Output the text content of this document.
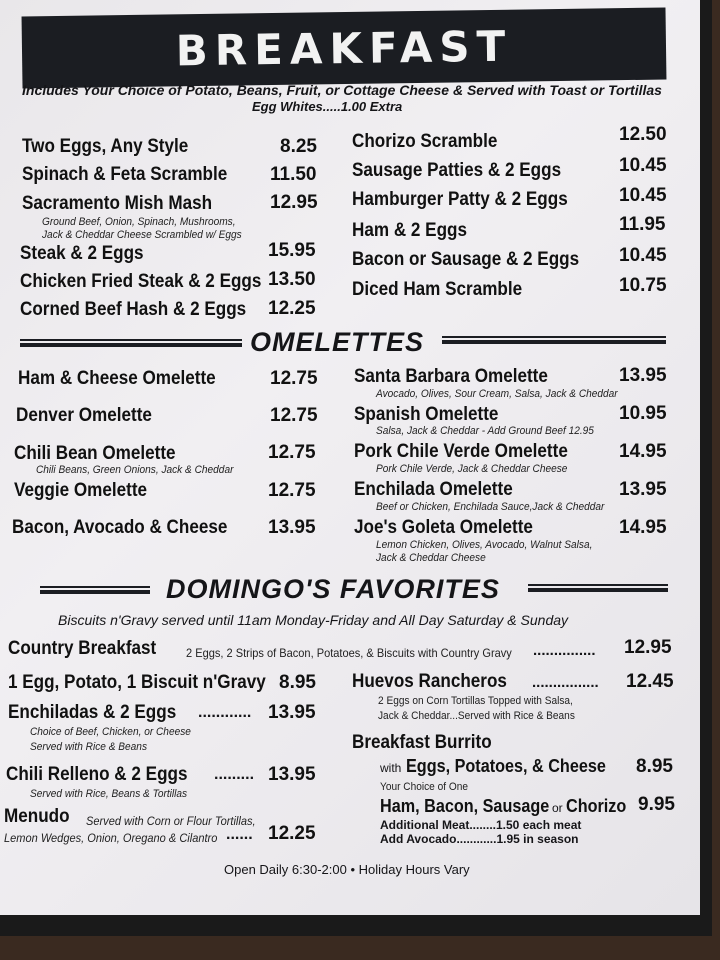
BREAKFAST
Includes Your Choice of Potato, Beans, Fruit, or Cottage Cheese & Served with Toast or Tortillas
Egg Whites.....1.00 Extra
Two Eggs, Any Style	8.25
Spinach & Feta Scramble 11.50
Sacramento Mish Mash	12.95
Ground Beef, Onion, Spinach, Mushrooms,
Jack & Cheddar Cheese Scrambled w/ Eggs
Steak & 2 Eggs	15.95
Chicken Fried Steak & 2 Eggs 13.50
Corned Beef Hash & 2 Eggs 12.25
Chorizo Scramble	12.50
Sausage Patties & 2 Eggs	10.45
Hamburger Patty & 2 Eggs	10.45
Ham & 2 Eggs	11.95
Bacon or Sausage & 2 Eggs 10.45
Diced Ham Scramble	10.75
OMELETTES
Ham & Cheese Omelette	12.75
Denver Omelette	12.75
Chili Bean Omelette	12.75
Chili Beans, Green Onions, Jack & Cheddar
Veggie Omelette	12.75
Bacon, Avocado & Cheese 13.95
Santa Barbara Omelette	13.95
Avocado, Olives, Sour Cream, Salsa, Jack & Cheddar
Spanish Omelette	10.95
Salsa, Jack & Cheddar - Add Ground Beef 12.95
Pork Chile Verde Omelette	14.95
Pork Chile Verde, Jack & Cheddar Cheese
Enchilada Omelette	13.95
Beef or Chicken, Enchilada Sauce,Jack & Cheddar
Joe's Goleta Omelette	14.95
Lemon Chicken, Olives, Avocado, Walnut Salsa,
Jack & Cheddar Cheese
DOMINGO'S FAVORITES
Biscuits n'Gravy served until 11am Monday-Friday and All Day Saturday & Sunday
Country Breakfast 2 Eggs, 2 Strips of Bacon, Potatoes, & Biscuits with Country Gravy ............... 12.95
1 Egg, Potato, 1 Biscuit n'Gravy 8.95
Enchiladas & 2 Eggs ............ 13.95
Choice of Beef, Chicken, or Cheese
Served with Rice & Beans
Chili Relleno & 2 Eggs ......... 13.95
Served with Rice, Beans & Tortillas
Menudo Served with Corn or Flour Tortillas,
Lemon Wedges, Onion, Oregano & Cilantro ...... 12.25
Huevos Rancheros ................ 12.45
2 Eggs on Corn Tortillas Topped with Salsa,
Jack & Cheddar...Served with Rice & Beans
Breakfast Burrito
with Eggs, Potatoes, & Cheese 8.95
Your Choice of One
Ham, Bacon, Sausage or Chorizo 9.95
Additional Meat........1.50 each meat
Add Avocado............1.95 in season
Open Daily 6:30-2:00 • Holiday Hours Vary
